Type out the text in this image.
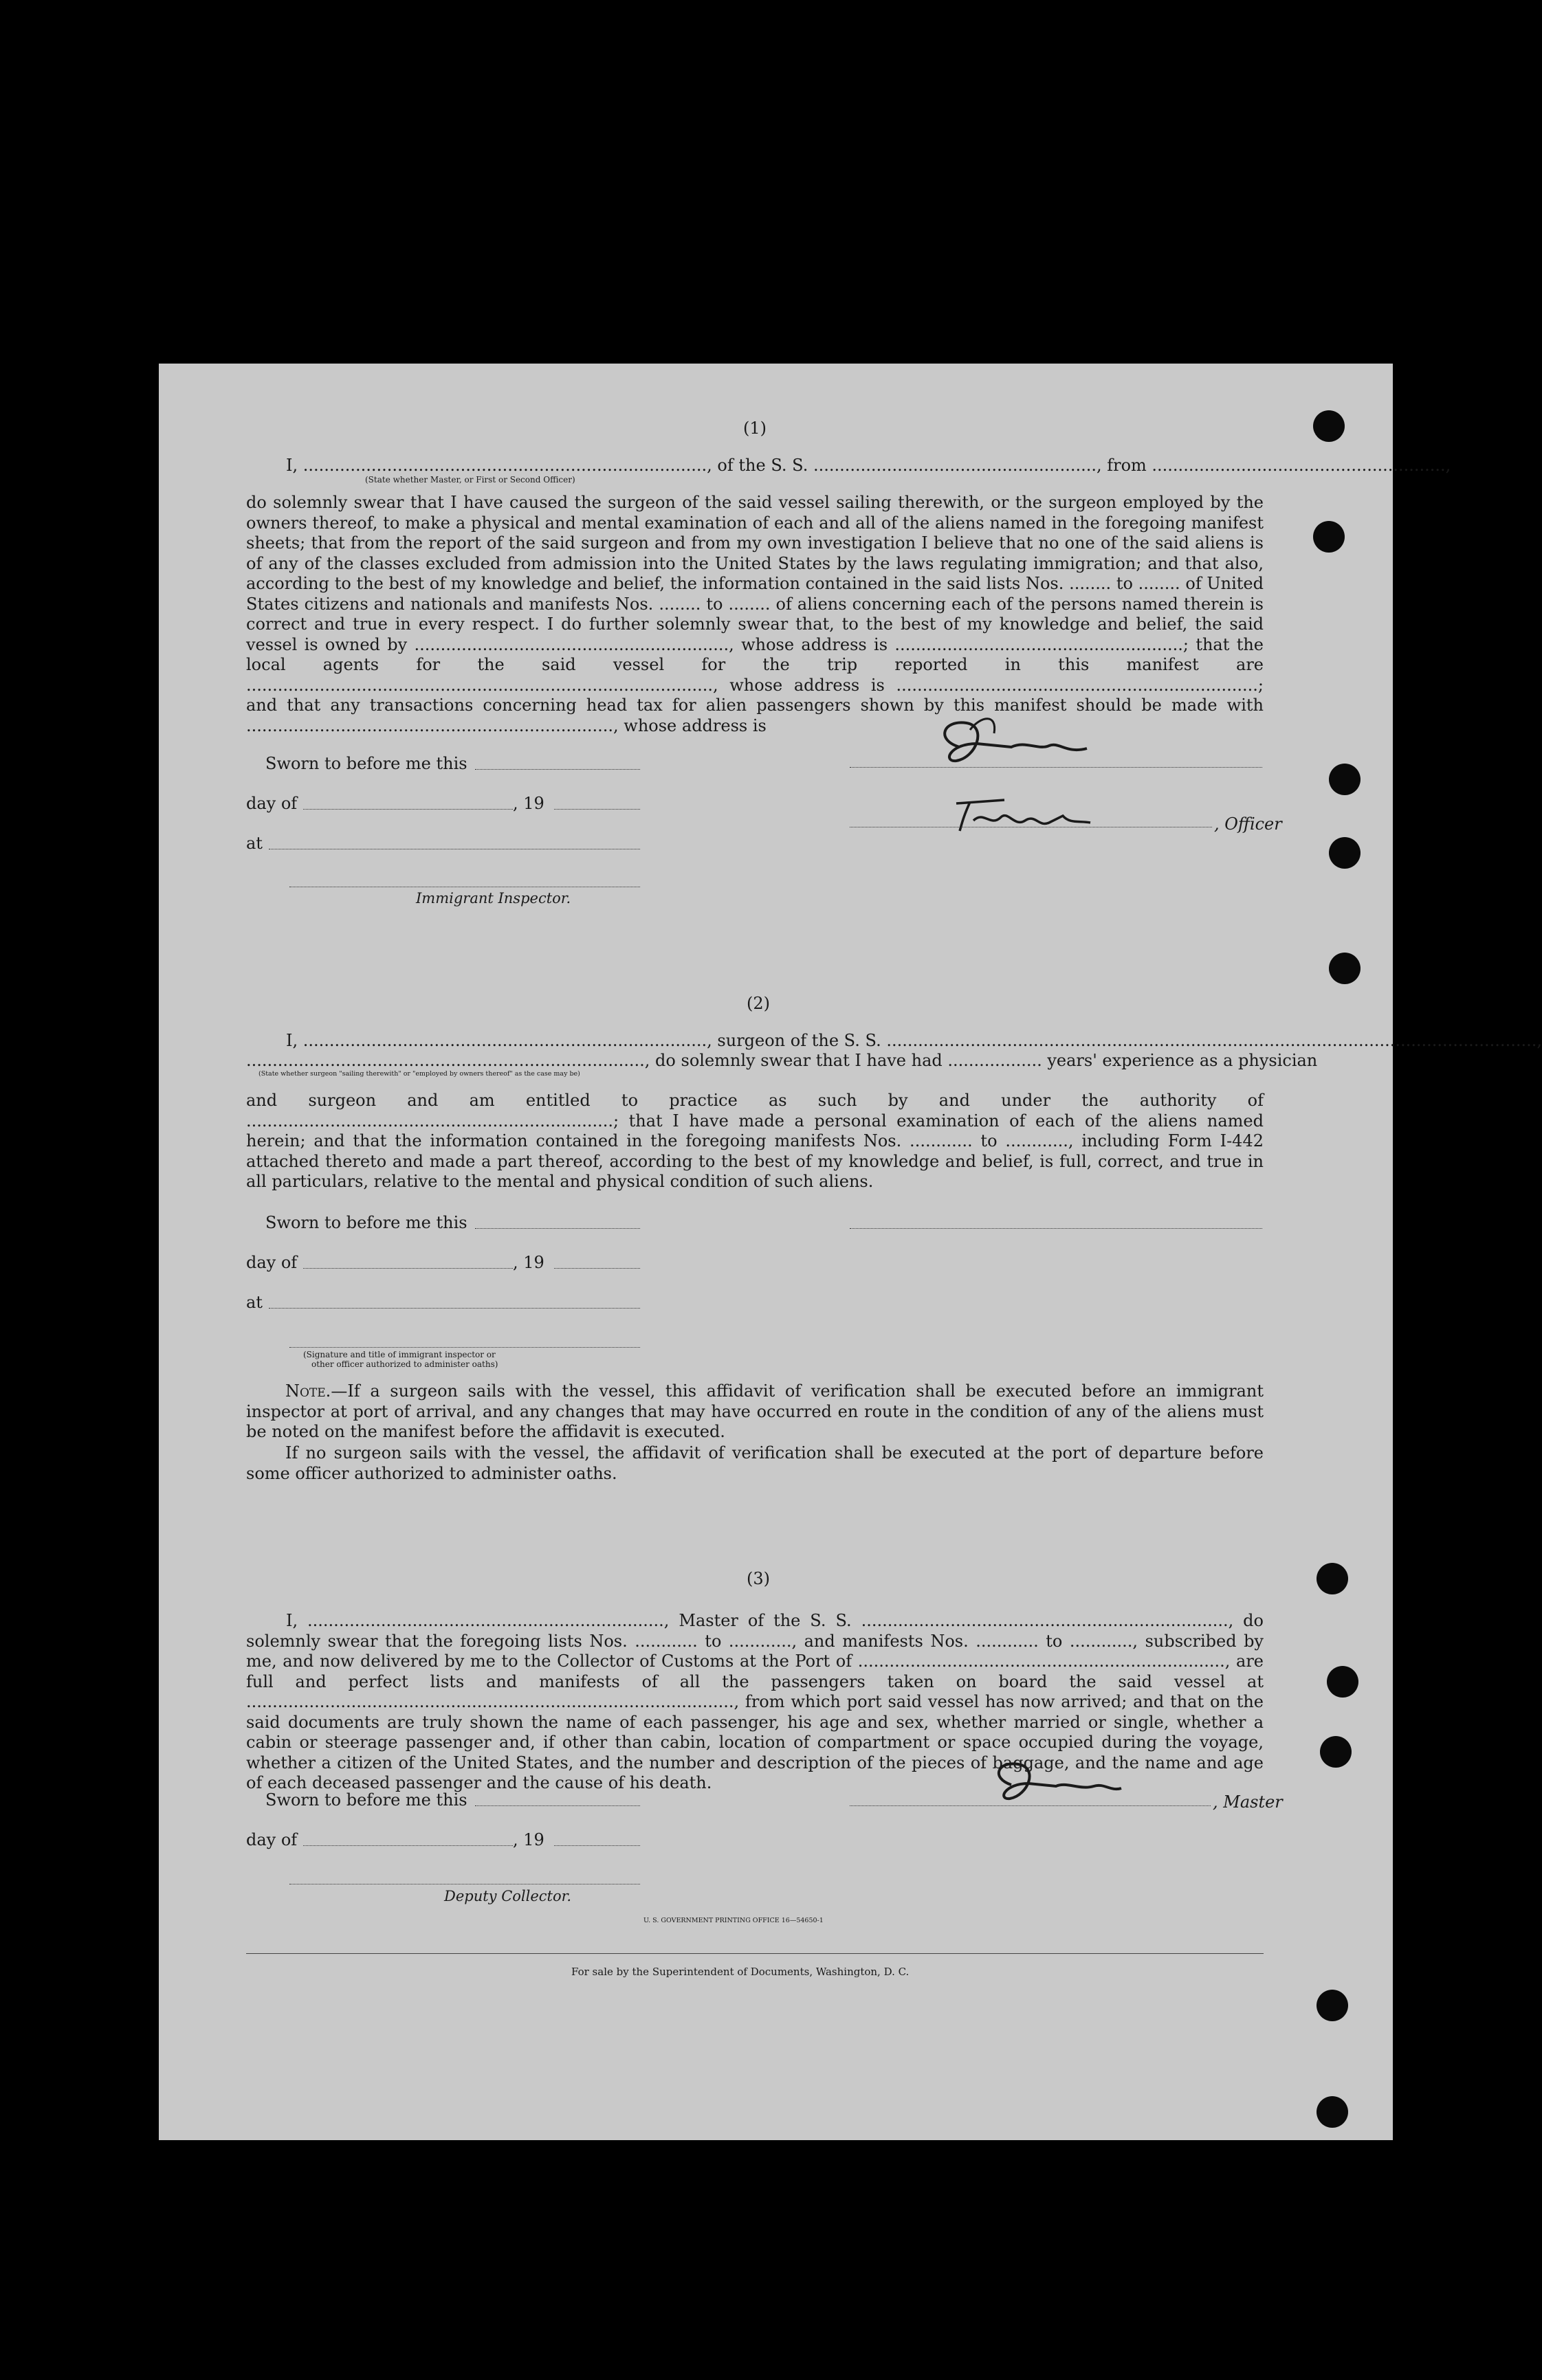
(1)
I, ............................................................................., of the S. S. ......................................................, from ........................................................,
(State whether Master, or First or Second Officer)
do solemnly swear that I have caused the surgeon of the said vessel sailing therewith, or the surgeon employed by the owners thereof, to make a physical and mental examination of each and all of the aliens named in the foregoing manifest sheets; that from the report of the said surgeon and from my own investigation I believe that no one of the said aliens is of any of the classes excluded from admission into the United States by the laws regulating immigration; and that also, according to the best of my knowledge and belief, the information contained in the said lists Nos. ........ to ........ of United States citizens and nationals and manifests Nos. ........ to ........ of aliens concerning each of the persons named therein is correct and true in every respect. I do further solemnly swear that, to the best of my knowledge and belief, the said vessel is owned by ............................................................, whose address is .......................................................; that the local agents for the said vessel for the trip reported in this manifest are ........................................................................................., whose address is .....................................................................; and that any transactions concerning head tax for alien passengers shown by this manifest should be made with ......................................................................, whose address is
Sworn to before me this
day of	, 19
at
Immigrant Inspector.
, Officer
(2)
I, ............................................................................., surgeon of the S. S. ............................................................................................................................,
............................................................................, do solemnly swear that I have had .................. years' experience as a physician
(State whether surgeon "sailing therewith" or "employed by owners thereof" as the case may be)
and surgeon and am entitled to practice as such by and under the authority of ......................................................................; that I have made a personal examination of each of the aliens named herein; and that the information contained in the foregoing manifests Nos. ............ to ............, including Form I-442 attached thereto and made a part thereof, according to the best of my knowledge and belief, is full, correct, and true in all particulars, relative to the mental and physical condition of such aliens.
Sworn to before me this
day of	, 19
at
(Signature and title of immigrant inspector or
other officer authorized to administer oaths)
Note.—If a surgeon sails with the vessel, this affidavit of verification shall be executed before an immigrant inspector at port of arrival, and any changes that may have occurred en route in the condition of any of the aliens must be noted on the manifest before the affidavit is executed.
If no surgeon sails with the vessel, the affidavit of verification shall be executed at the port of departure before some officer authorized to administer oaths.
(3)
I, ...................................................................., Master of the S. S. ......................................................................, do solemnly swear that the foregoing lists Nos. ............ to ............, and manifests Nos. ............ to ............, subscribed by me, and now delivered by me to the Collector of Customs at the Port of ......................................................................, are full and perfect lists and manifests of all the passengers taken on board the said vessel at ............................................................................................., from which port said vessel has now arrived; and that on the said documents are truly shown the name of each passenger, his age and sex, whether married or single, whether a cabin or steerage passenger and, if other than cabin, location of compartment or space occupied during the voyage, whether a citizen of the United States, and the number and description of the pieces of baggage, and the name and age of each deceased passenger and the cause of his death.
Sworn to before me this	, Master
day of	, 19
Deputy Collector.
U. S. GOVERNMENT PRINTING OFFICE 16—54650-1
For sale by the Superintendent of Documents, Washington, D. C.
